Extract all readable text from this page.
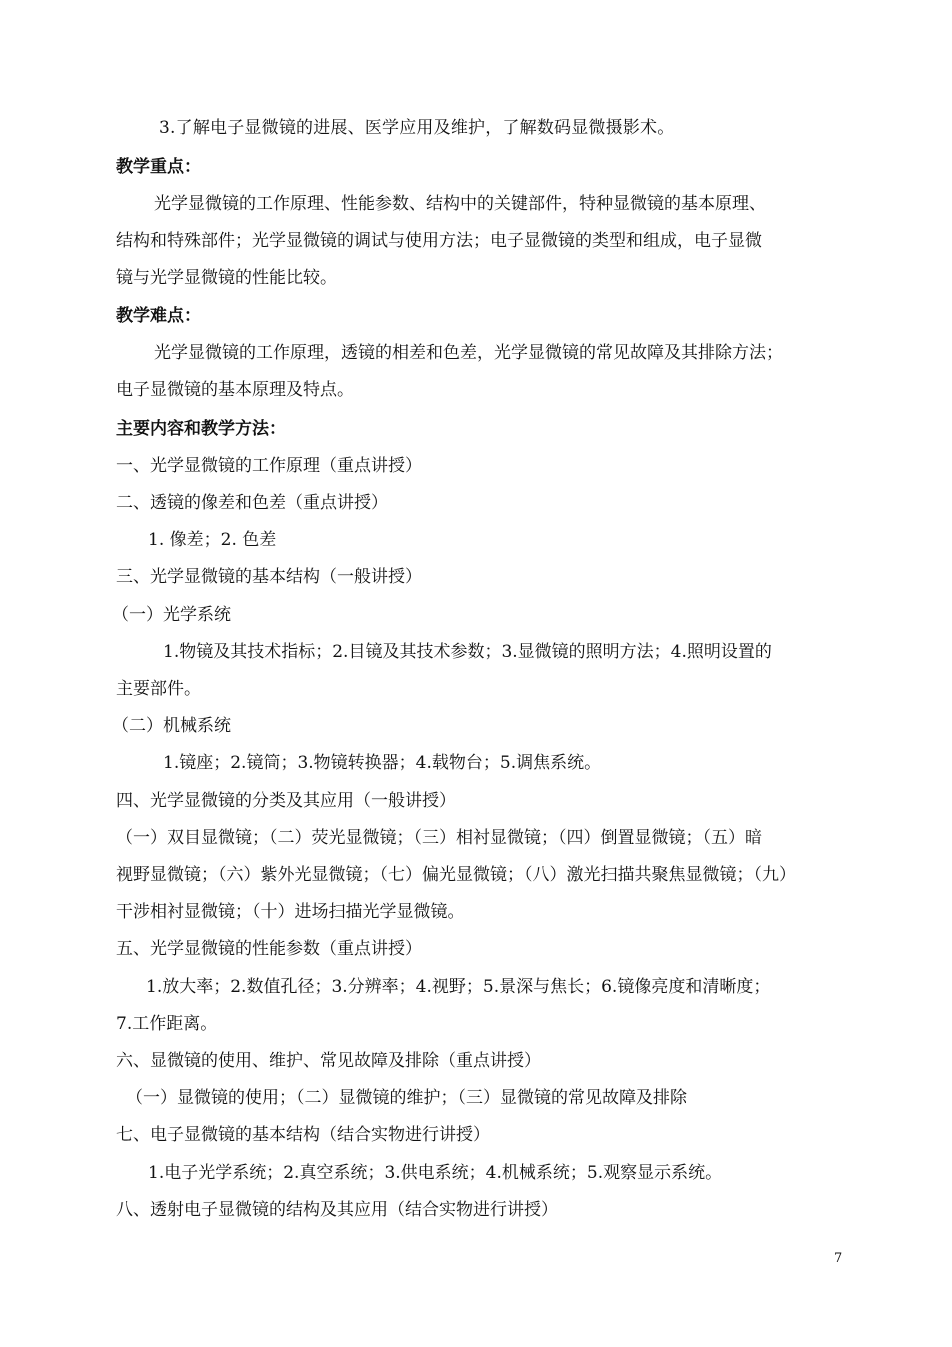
3.了解电子显微镜的进展、医学应用及维护，了解数码显微摄影术。
教学重点：
光学显微镜的工作原理、性能参数、结构中的关键部件，特种显微镜的基本原理、
结构和特殊部件；光学显微镜的调试与使用方法；电子显微镜的类型和组成，电子显微
镜与光学显微镜的性能比较。
教学难点：
光学显微镜的工作原理，透镜的相差和色差，光学显微镜的常见故障及其排除方法；
电子显微镜的基本原理及特点。
主要内容和教学方法：
一、光学显微镜的工作原理（重点讲授）
二、透镜的像差和色差（重点讲授）
1. 像差；2. 色差
三、光学显微镜的基本结构（一般讲授）
（一）光学系统
1.物镜及其技术指标；2.目镜及其技术参数；3.显微镜的照明方法；4.照明设置的
主要部件。
（二）机械系统
1.镜座；2.镜筒；3.物镜转换器；4.载物台；5.调焦系统。
四、光学显微镜的分类及其应用（一般讲授）
（一）双目显微镜；（二）荧光显微镜；（三）相衬显微镜；（四）倒置显微镜；（五）暗
视野显微镜；（六）紫外光显微镜；（七）偏光显微镜；（八）激光扫描共聚焦显微镜；（九）
干涉相衬显微镜；（十）进场扫描光学显微镜。
五、光学显微镜的性能参数（重点讲授）
1.放大率；2.数值孔径；3.分辨率；4.视野；5.景深与焦长；6.镜像亮度和清晰度；
7.工作距离。
六、显微镜的使用、维护、常见故障及排除（重点讲授）
（一）显微镜的使用；（二）显微镜的维护；（三）显微镜的常见故障及排除
七、电子显微镜的基本结构（结合实物进行讲授）
1.电子光学系统；2.真空系统；3.供电系统；4.机械系统；5.观察显示系统。
八、透射电子显微镜的结构及其应用（结合实物进行讲授）
7
